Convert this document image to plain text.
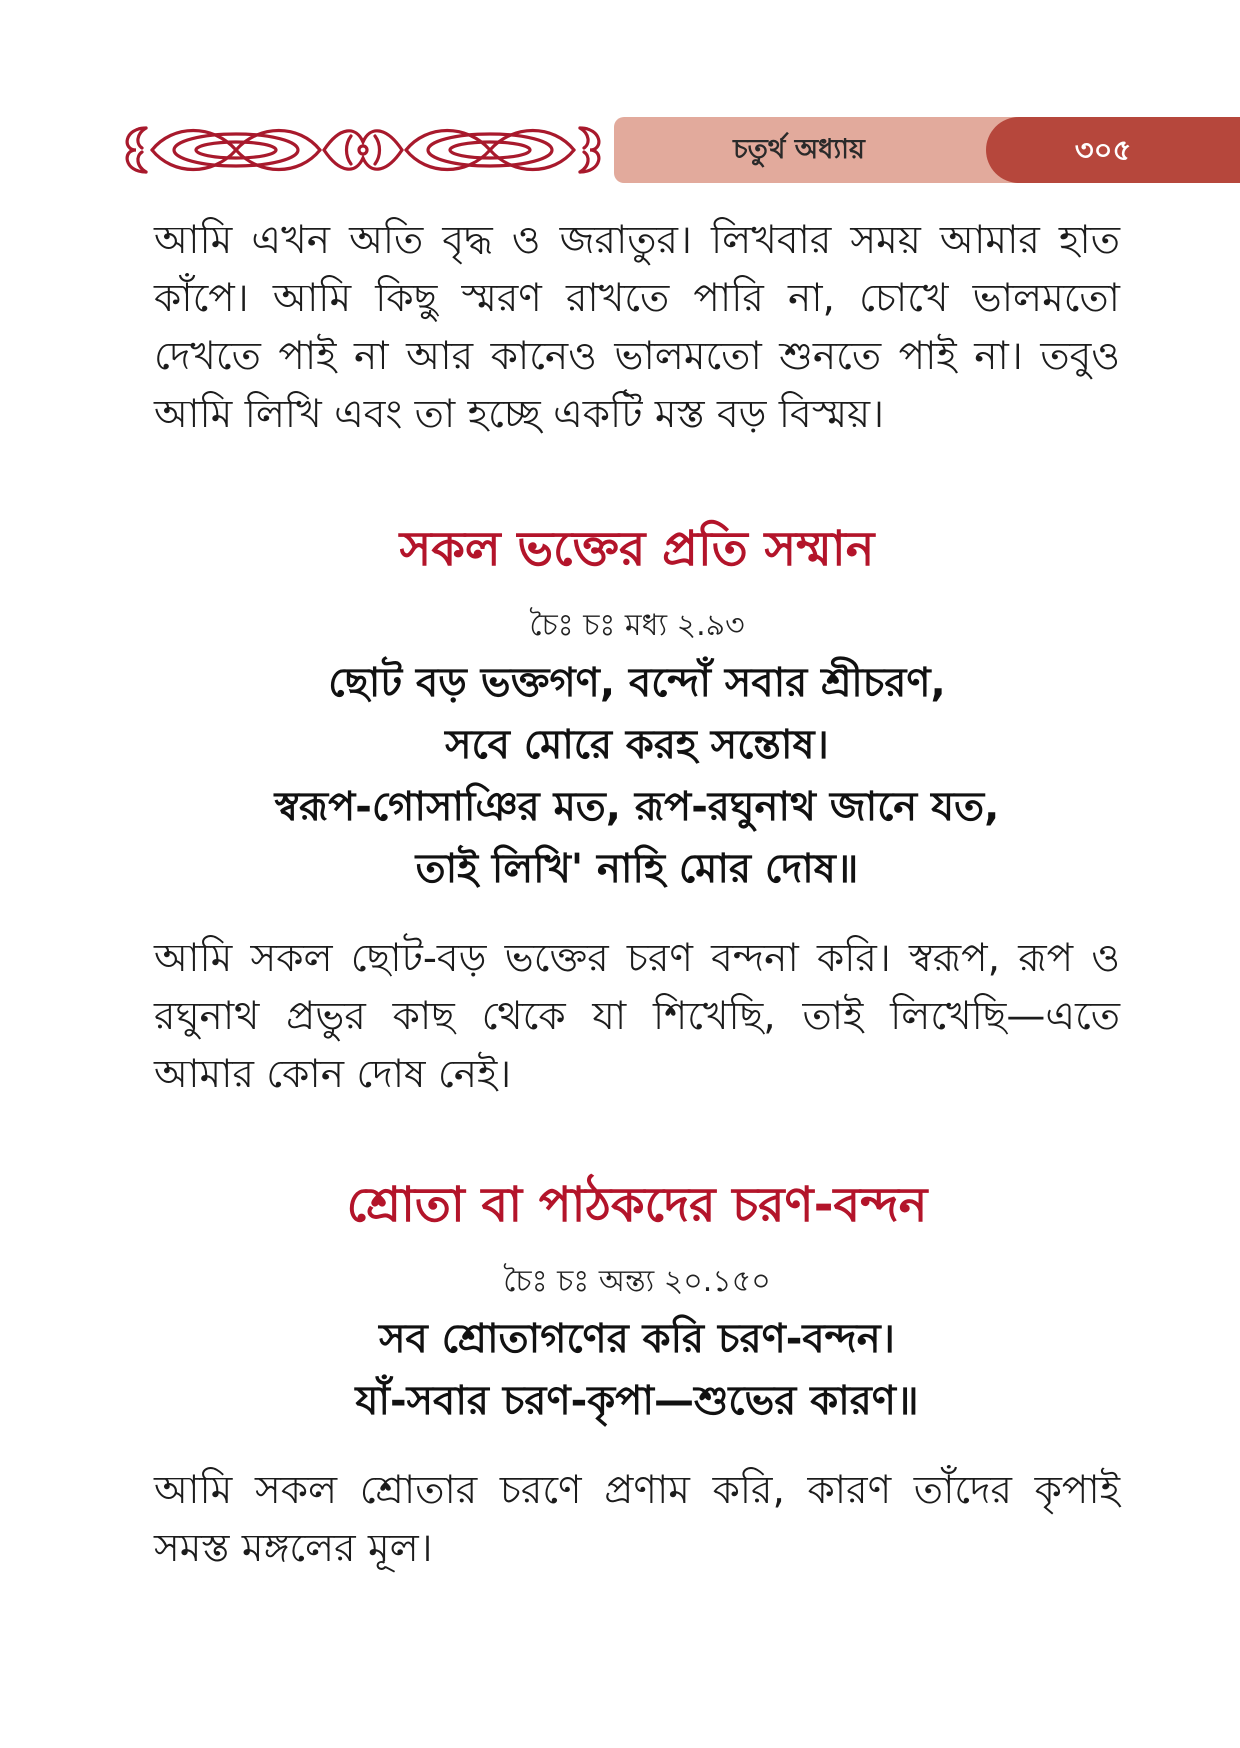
চতুর্থ অধ্যায়	৩০৫

আমি এখন অতি বৃদ্ধ ও জরাতুর। লিখবার সময় আমার হাত কাঁপে। আমি কিছু স্মরণ রাখতে পারি না, চোখে ভালমতো দেখতে পাই না আর কানেও ভালমতো শুনতে পাই না। তবুও আমি লিখি এবং তা হচ্ছে একটি মস্ত বড় বিস্ময়।

সকল ভক্তের প্রতি সম্মান
চৈঃ চঃ মধ্য ২.৯৩
ছোট বড় ভক্তগণ, বন্দোঁ সবার শ্রীচরণ,
সবে মোরে করহ সন্তোষ।
স্বরূপ-গোসাঞির মত, রূপ-রঘুনাথ জানে যত,
তাই লিখি' নাহি মোর দোষ॥

আমি সকল ছোট-বড় ভক্তের চরণ বন্দনা করি। স্বরূপ, রূপ ও রঘুনাথ প্রভুর কাছ থেকে যা শিখেছি, তাই লিখেছি—এতে আমার কোন দোষ নেই।

শ্রোতা বা পাঠকদের চরণ-বন্দন
চৈঃ চঃ অন্ত্য ২০.১৫০
সব শ্রোতাগণের করি চরণ-বন্দন।
যাঁ-সবার চরণ-কৃপা—শুভের কারণ॥

আমি সকল শ্রোতার চরণে প্রণাম করি, কারণ তাঁদের কৃপাই সমস্ত মঙ্গলের মূল।
